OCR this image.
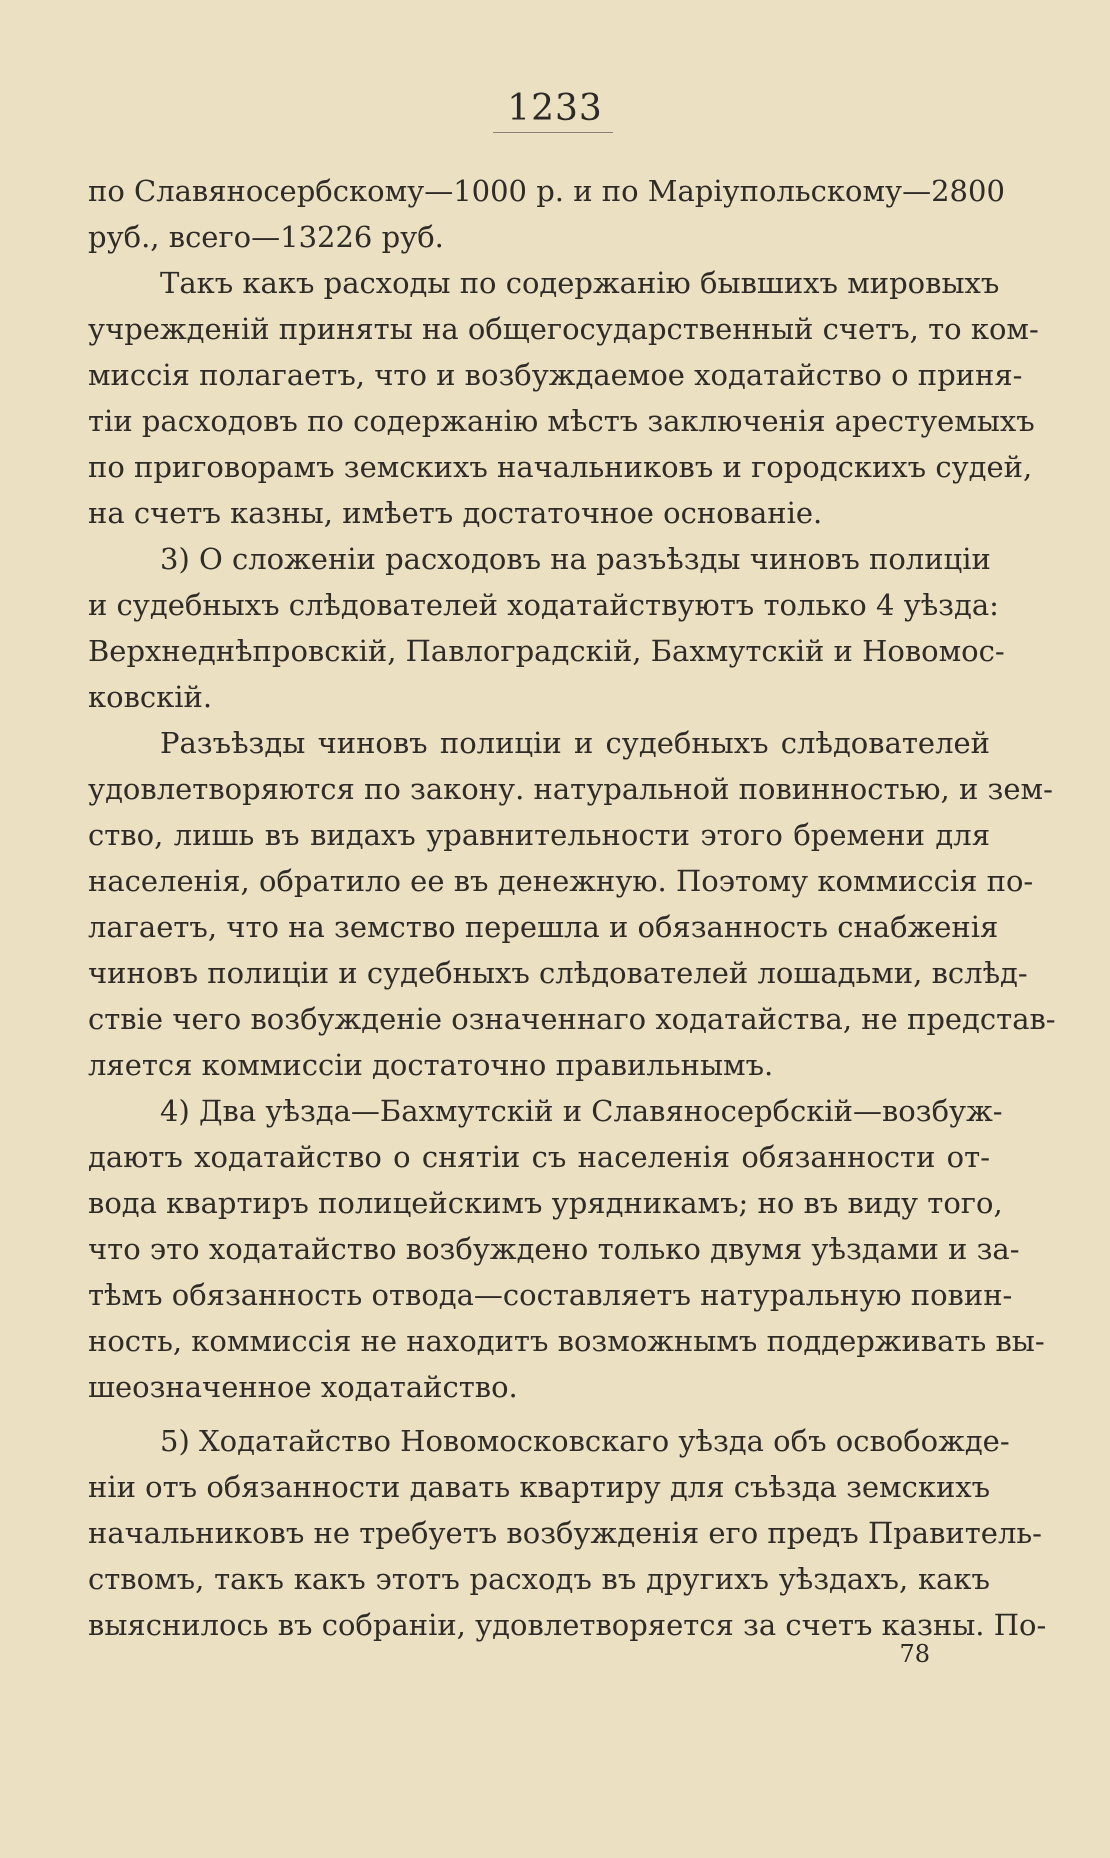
1233
по Славяносербскому—1000 р. и по Маріупольскому—2800
руб., всего—13226 руб.
Такъ какъ расходы по содержанію бывшихъ мировыхъ
учрежденій приняты на общегосударственный счетъ, то ком-
миссія полагаетъ, что и возбуждаемое ходатайство о приня-
тіи расходовъ по содержанію мѣстъ заключенія арестуемыхъ
по приговорамъ земскихъ начальниковъ и городскихъ судей,
на счетъ казны, имѣетъ достаточное основаніе.
3) О сложеніи расходовъ на разъѣзды чиновъ полиціи
и судебныхъ слѣдователей ходатайствуютъ только 4 уѣзда:
Верхнеднѣпровскій, Павлоградскій, Бахмутскій и Новомос-
ковскій.
Разъѣзды чиновъ полиціи и судебныхъ слѣдователей
удовлетворяются по закону. натуральной повинностью, и зем-
ство, лишь въ видахъ уравнительности этого бремени для
населенія, обратило ее въ денежную. Поэтому коммиссія по-
лагаетъ, что на земство перешла и обязанность снабженія
чиновъ полиціи и судебныхъ слѣдователей лошадьми, вслѣд-
ствіе чего возбужденіе означеннаго ходатайства, не представ-
ляется коммиссіи достаточно правильнымъ.
4) Два уѣзда—Бахмутскій и Славяносербскій—возбуж-
даютъ ходатайство о снятіи съ населенія обязанности от-
вода квартиръ полицейскимъ урядникамъ; но въ виду того,
что это ходатайство возбуждено только двумя уѣздами и за-
тѣмъ обязанность отвода—составляетъ натуральную повин-
ность, коммиссія не находитъ возможнымъ поддерживать вы-
шеозначенное ходатайство.
5) Ходатайство Новомосковскаго уѣзда объ освобожде-
ніи отъ обязанности давать квартиру для съѣзда земскихъ
начальниковъ не требуетъ возбужденія его предъ Правитель-
ствомъ, такъ какъ этотъ расходъ въ другихъ уѣздахъ, какъ
выяснилось въ собраніи, удовлетворяется за счетъ казны. По-
78
